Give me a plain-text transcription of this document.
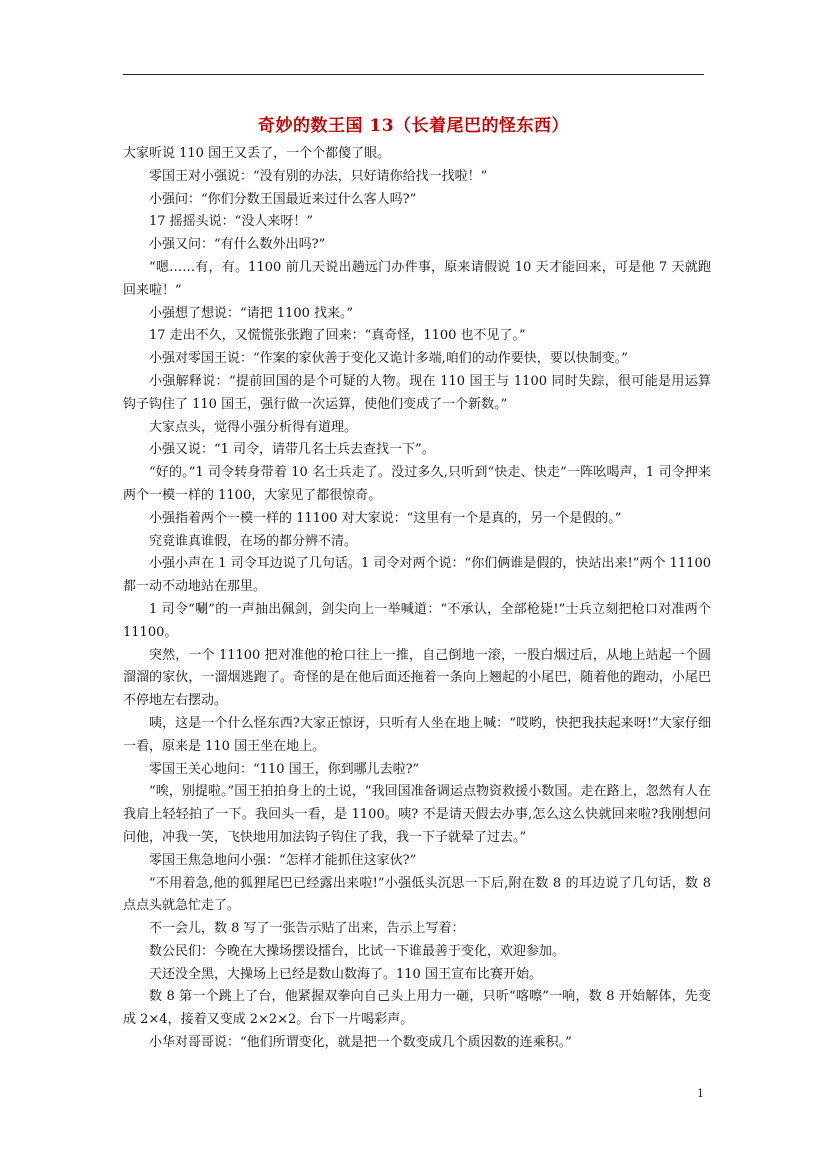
奇妙的数王国 13（长着尾巴的怪东西）

大家听说 110 国王又丢了，一个个都傻了眼。

零国王对小强说：“没有别的办法，只好请你给找一找啦！”

小强问：“你们分数王国最近来过什么客人吗?”

17 摇摇头说：“没人来呀！”

小强又问：“有什么数外出吗?”

“嗯……有，有。1100 前几天说出趟远门办件事，原来请假说 10 天才能回来，可是他 7 天就跑回来啦！”

小强想了想说：“请把 1100 找来。”

17 走出不久，又慌慌张张跑了回来：“真奇怪，1100 也不见了。”

小强对零国王说：“作案的家伙善于变化又诡计多端,咱们的动作要快，要以快制变。”

小强解释说：“提前回国的是个可疑的人物。现在 110 国王与 1100 同时失踪，很可能是用运算钩子钩住了 110 国王，强行做一次运算，使他们变成了一个新数。”

大家点头，觉得小强分析得有道理。

小强又说：“1 司令，请带几名士兵去查找一下”。

“好的。”1 司令转身带着 10 名士兵走了。没过多久,只听到“快走、快走”一阵吆喝声，1 司令押来两个一模一样的 1100，大家见了都很惊奇。

小强指着两个一模一样的 11100 对大家说：“这里有一个是真的，另一个是假的。”

究竟谁真谁假，在场的都分辨不清。

小强小声在 1 司令耳边说了几句话。1 司令对两个说：“你们俩谁是假的，快站出来!”两个 11100 都一动不动地站在那里。

1 司令“唰”的一声抽出佩剑，剑尖向上一举喊道：“不承认，全部枪毙!”士兵立刻把枪口对准两个 11100。

突然，一个 11100 把对准他的枪口往上一推，自己倒地一滚，一股白烟过后，从地上站起一个圆溜溜的家伙，一溜烟逃跑了。奇怪的是在他后面还拖着一条向上翘起的小尾巴，随着他的跑动，小尾巴不停地左右摆动。

咦，这是一个什么怪东西?大家正惊讶，只听有人坐在地上喊：“哎哟，快把我扶起来呀!”大家仔细一看，原来是 110 国王坐在地上。

零国王关心地问：“110 国王，你到哪儿去啦?”

“唉，别提啦。”国王拍拍身上的土说，“我回国准备调运点物资救援小数国。走在路上，忽然有人在我肩上轻轻拍了一下。我回头一看，是 1100。咦? 不是请天假去办事,怎么这么快就回来啦?我刚想问问他，冲我一笑，飞快地用加法钩子钩住了我，我一下子就晕了过去。”

零国王焦急地问小强：“怎样才能抓住这家伙?”

“不用着急,他的狐狸尾巴已经露出来啦!”小强低头沉思一下后,附在数 8 的耳边说了几句话，数 8 点点头就急忙走了。

不一会儿，数 8 写了一张告示贴了出来，告示上写着：

数公民们：今晚在大操场摆设擂台，比试一下谁最善于变化，欢迎参加。

天还没全黑，大操场上已经是数山数海了。110 国王宣布比赛开始。

数 8 第一个跳上了台，他紧握双拳向自己头上用力一砸，只听“喀嚓”一响，数 8 开始解体，先变成 2×4，接着又变成 2×2×2。台下一片喝彩声。

小华对哥哥说：“他们所谓变化，就是把一个数变成几个质因数的连乘积。”

1
